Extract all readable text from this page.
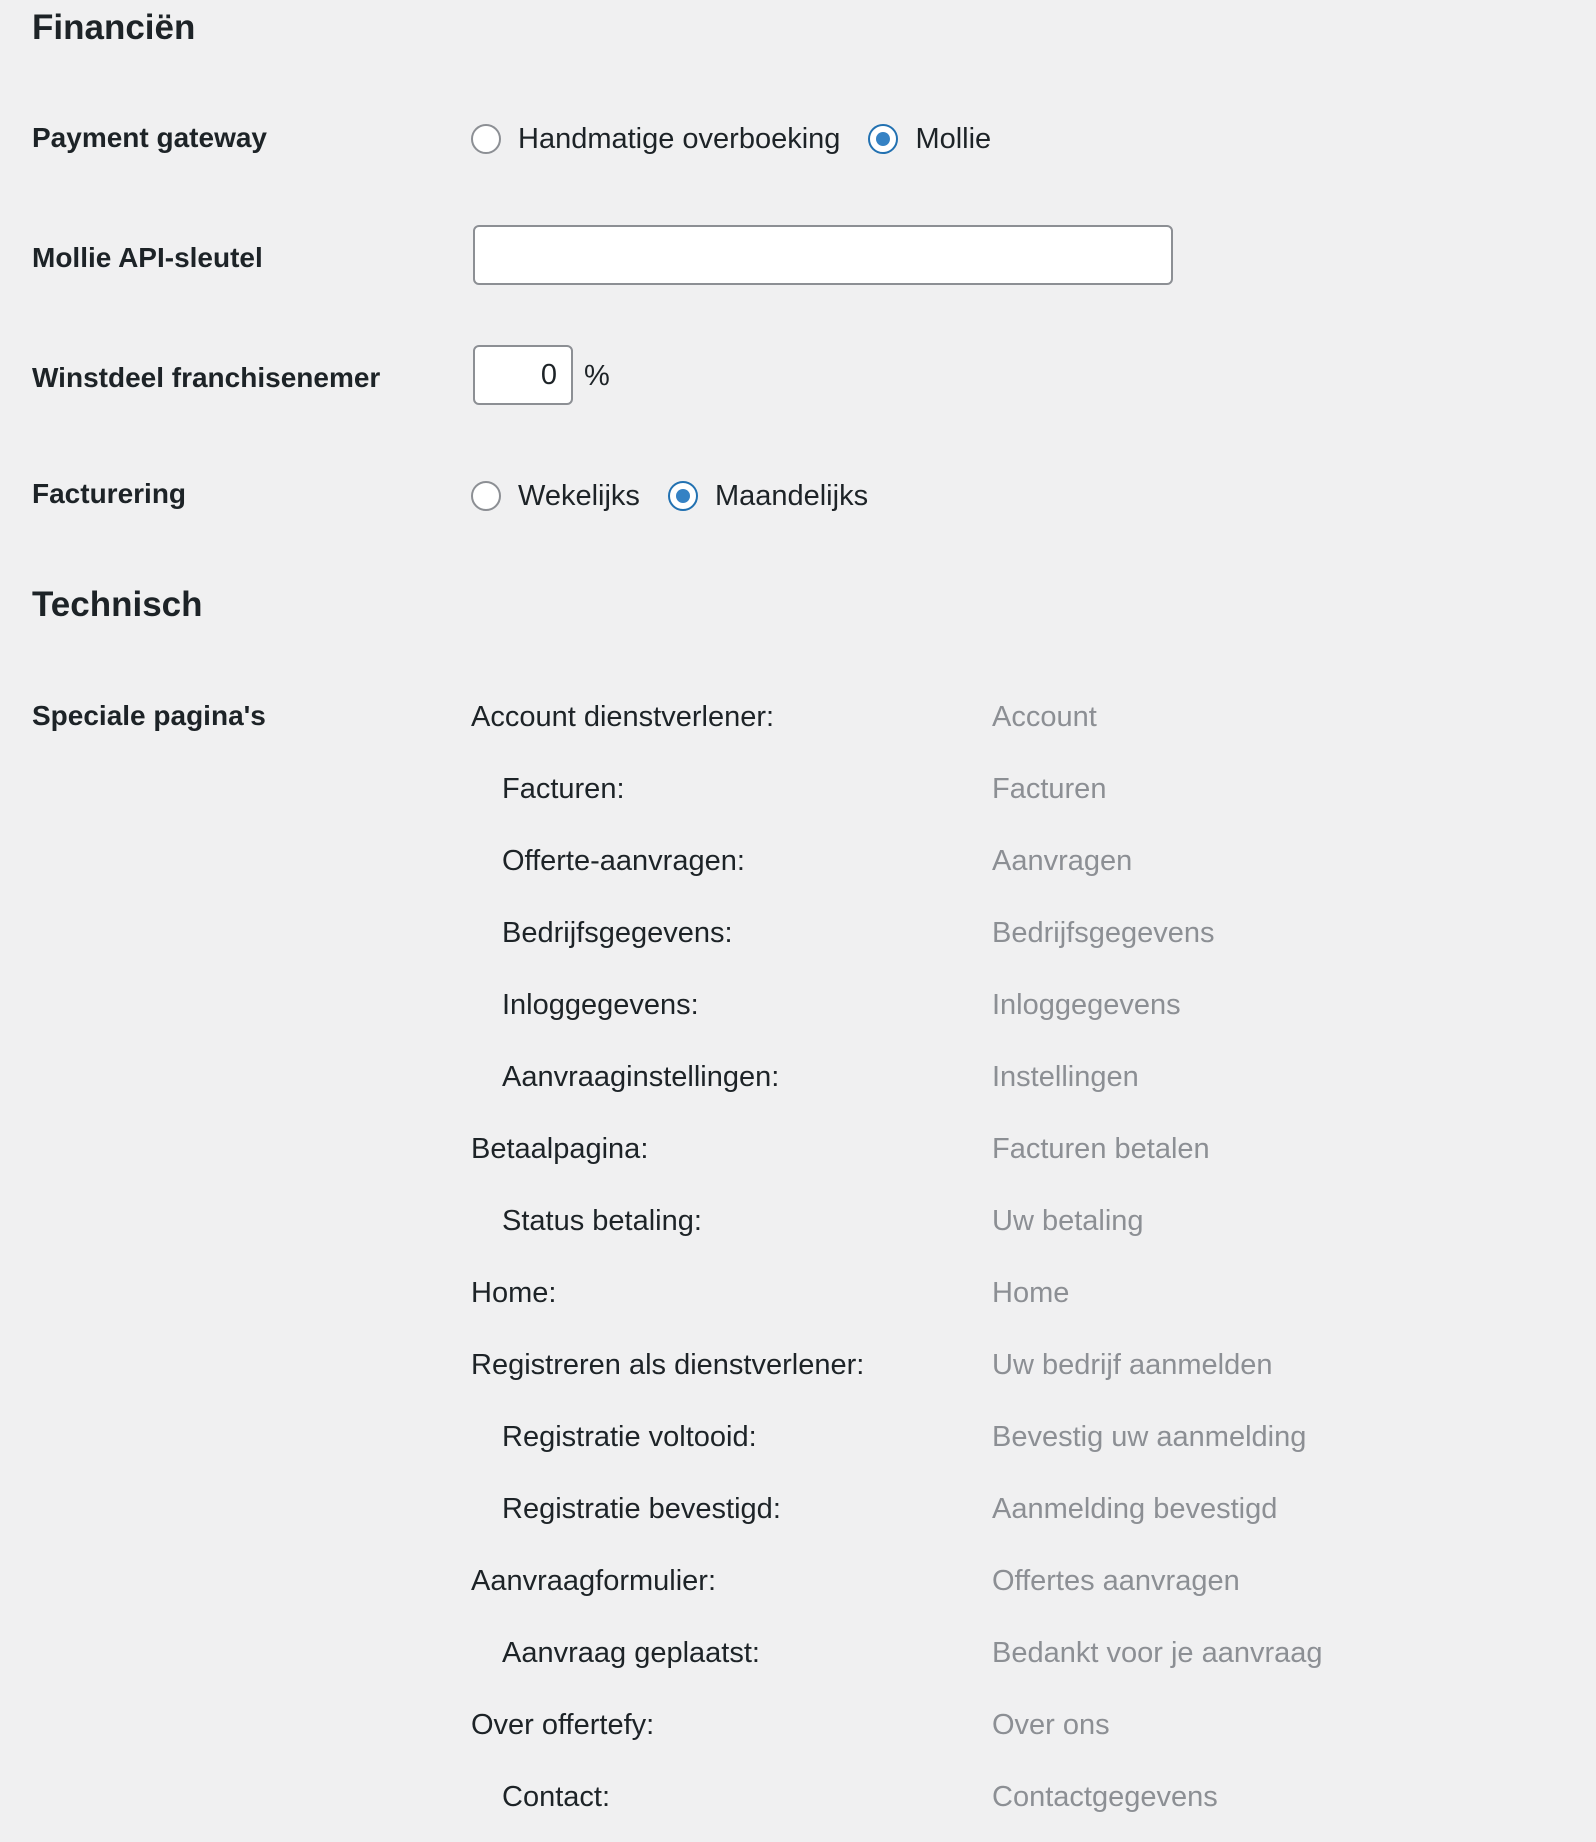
Financiën
Payment gateway	Handmatige overboeking	Mollie
Mollie API-sleutel
Winstdeel franchisenemer
0	%
Facturering	Wekelijks	Maandelijks
Technisch
Speciale pagina's	Account dienstverlener:	Account
Facturen:	Facturen
Offerte-aanvragen:	Aanvragen
Bedrijfsgegevens:	Bedrijfsgegevens
Inloggegevens:	Inloggegevens
Aanvraaginstellingen:	Instellingen
Betaalpagina:	Facturen betalen
Status betaling:	Uw betaling
Home:	Home
Registreren als dienstverlener:	Uw bedrijf aanmelden
Registratie voltooid:	Bevestig uw aanmelding
Registratie bevestigd:	Aanmelding bevestigd
Aanvraagformulier:	Offertes aanvragen
Aanvraag geplaatst:	Bedankt voor je aanvraag
Over offertefy:	Over ons
Contact:	Contactgegevens
